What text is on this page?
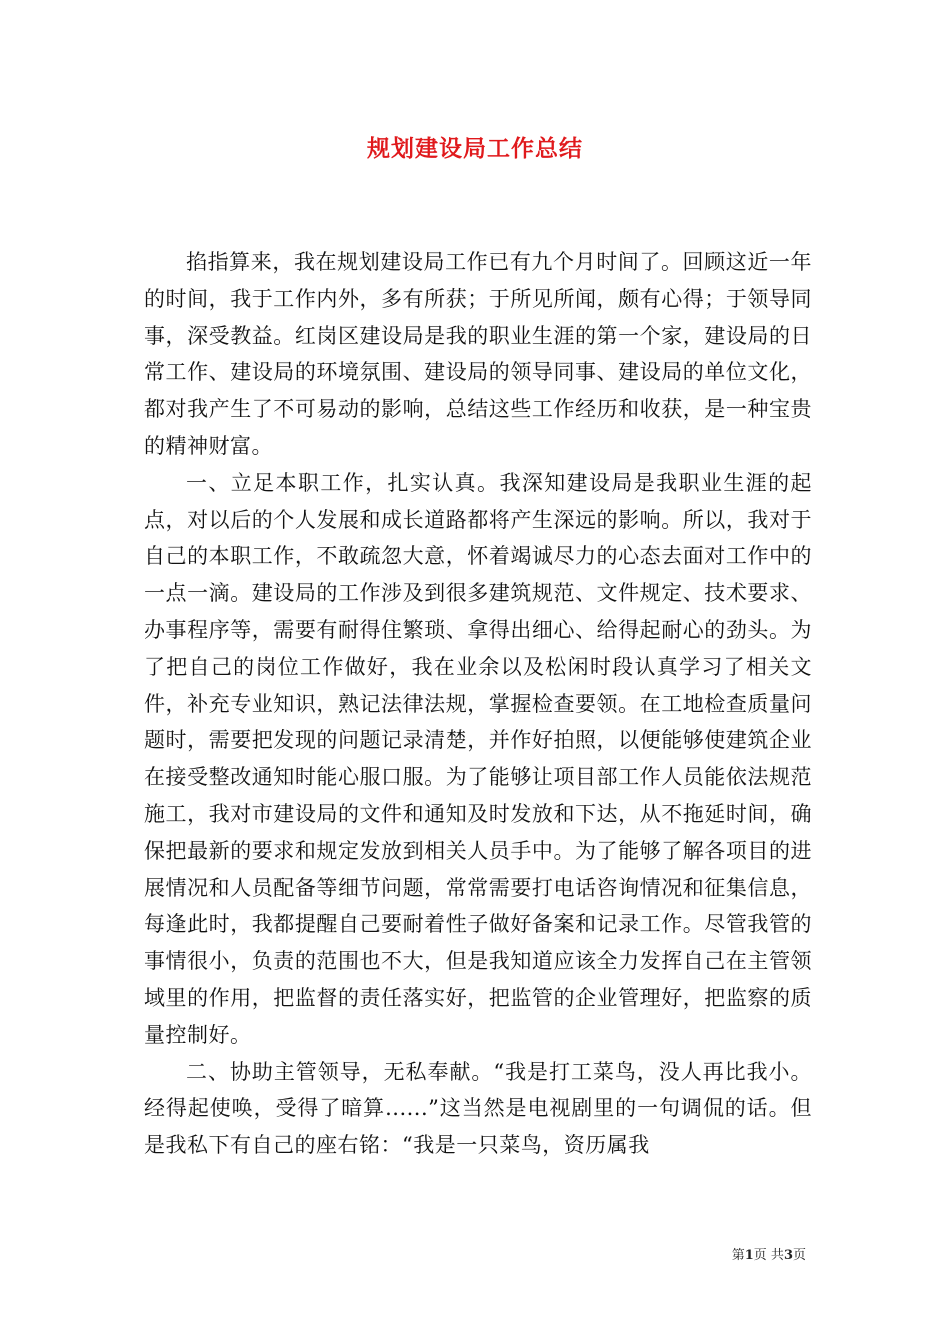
规划建设局工作总结

掐指算来，我在规划建设局工作已有九个月时间了。回顾这近一年的时间，我于工作内外，多有所获；于所见所闻，颇有心得；于领导同事，深受教益。红岗区建设局是我的职业生涯的第一个家，建设局的日常工作、建设局的环境氛围、建设局的领导同事、建设局的单位文化，都对我产生了不可易动的影响，总结这些工作经历和收获，是一种宝贵的精神财富。

一、立足本职工作，扎实认真。我深知建设局是我职业生涯的起点，对以后的个人发展和成长道路都将产生深远的影响。所以，我对于自己的本职工作，不敢疏忽大意，怀着竭诚尽力的心态去面对工作中的一点一滴。建设局的工作涉及到很多建筑规范、文件规定、技术要求、办事程序等，需要有耐得住繁琐、拿得出细心、给得起耐心的劲头。为了把自己的岗位工作做好，我在业余以及松闲时段认真学习了相关文件，补充专业知识，熟记法律法规，掌握检查要领。在工地检查质量问题时，需要把发现的问题记录清楚，并作好拍照，以便能够使建筑企业在接受整改通知时能心服口服。为了能够让项目部工作人员能依法规范施工，我对市建设局的文件和通知及时发放和下达，从不拖延时间，确保把最新的要求和规定发放到相关人员手中。为了能够了解各项目的进展情况和人员配备等细节问题，常常需要打电话咨询情况和征集信息，每逢此时，我都提醒自己要耐着性子做好备案和记录工作。尽管我管的事情很小，负责的范围也不大，但是我知道应该全力发挥自己在主管领域里的作用，把监督的责任落实好，把监管的企业管理好，把监察的质量控制好。

二、协助主管领导，无私奉献。“我是打工菜鸟，没人再比我小。经得起使唤，受得了暗算......”这当然是电视剧里的一句调侃的话。但是我私下有自己的座右铭：“我是一只菜鸟，资历属我

第1页 共3页
